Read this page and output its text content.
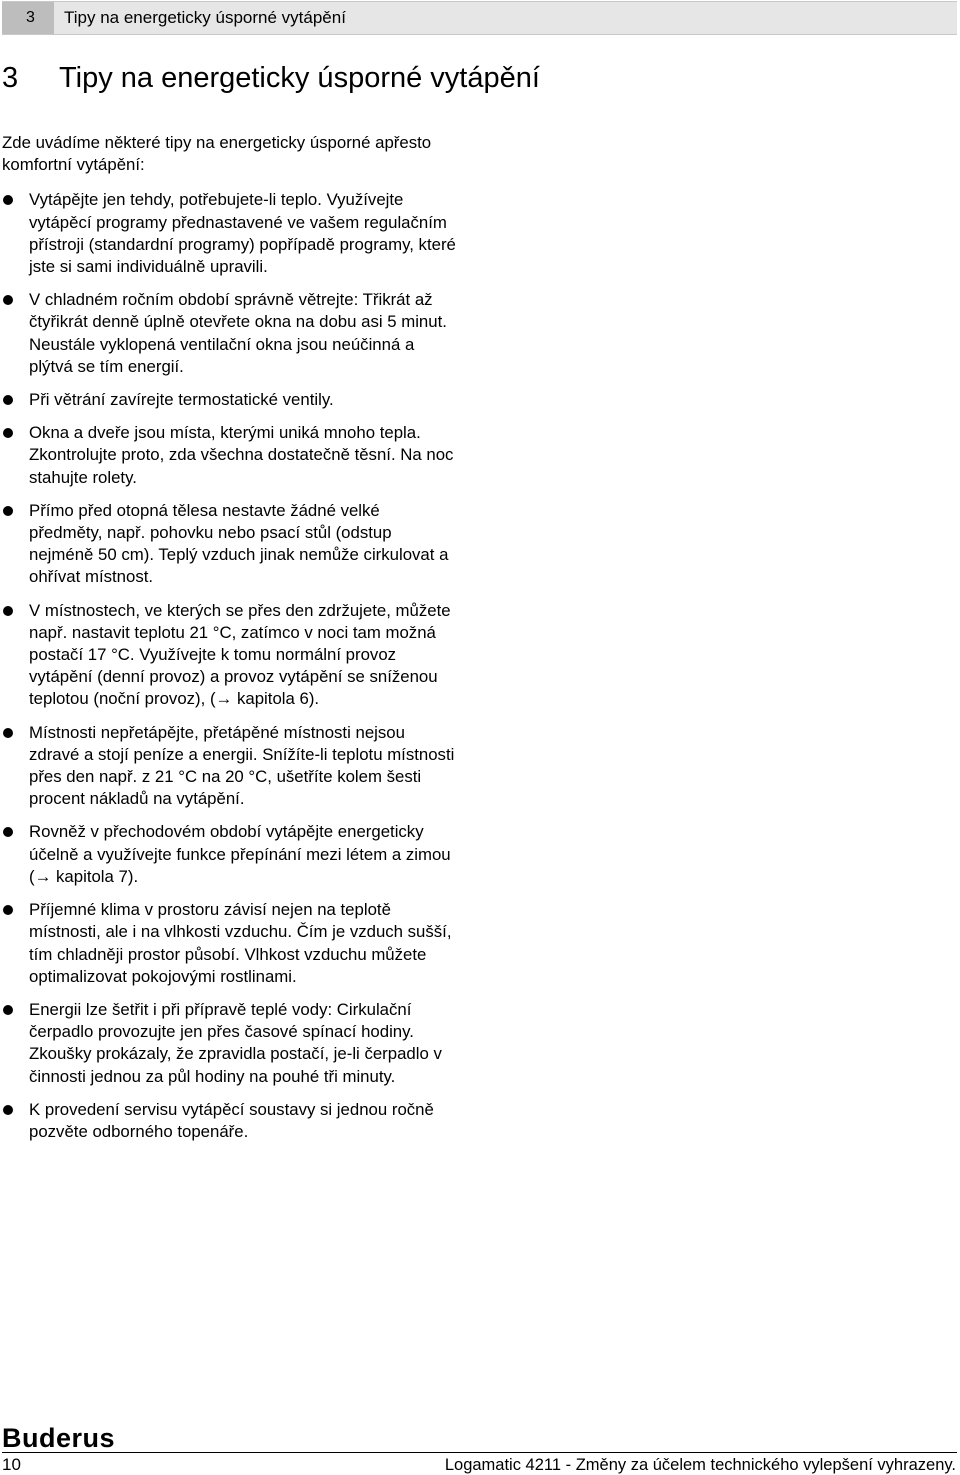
3	Tipy na energeticky úsporné vytápění
3 Tipy na energeticky úsporné vytápění

Zde uvádíme některé tipy na energeticky úsporné apřesto komfortní vytápění:

Vytápějte jen tehdy, potřebujete-li teplo. Využívejte vytápěcí programy přednastavené ve vašem regulačním přístroji (standardní programy) popřípadě programy, které jste si sami individuálně upravili.
V chladném ročním období správně větrejte: Třikrát až čtyřikrát denně úplně otevřete okna na dobu asi 5 minut. Neustále vyklopená ventilační okna jsou neúčinná a plýtvá se tím energií.
Při větrání zavírejte termostatické ventily.
Okna a dveře jsou místa, kterými uniká mnoho tepla. Zkontrolujte proto, zda všechna dostatečně těsní. Na noc stahujte rolety.
Přímo před otopná tělesa nestavte žádné velké předměty, např. pohovku nebo psací stůl (odstup nejméně 50 cm). Teplý vzduch jinak nemůže cirkulovat a ohřívat místnost.
V místnostech, ve kterých se přes den zdržujete, můžete např. nastavit teplotu 21 °C, zatímco v noci tam možná postačí 17 °C. Využívejte k tomu normální provoz vytápění (denní provoz) a provoz vytápění se sníženou teplotou (noční provoz), (→ kapitola 6).
Místnosti nepřetápějte, přetápěné místnosti nejsou zdravé a stojí peníze a energii. Snížíte-li teplotu místnosti přes den např. z 21 °C na 20 °C, ušetříte kolem šesti procent nákladů na vytápění.
Rovněž v přechodovém období vytápějte energeticky účelně a využívejte funkce přepínání mezi létem a zimou (→ kapitola 7).
Příjemné klima v prostoru závisí nejen na teplotě místnosti, ale i na vlhkosti vzduchu. Čím je vzduch sušší, tím chladněji prostor působí. Vlhkost vzduchu můžete optimalizovat pokojovými rostlinami.
Energii lze šetřit i při přípravě teplé vody: Cirkulační čerpadlo provozujte jen přes časové spínací hodiny. Zkoušky prokázaly, že zpravidla postačí, je-li čerpadlo v činnosti jednou za půl hodiny na pouhé tři minuty.
K provedení servisu vytápěcí soustavy si jednou ročně pozvěte odborného topenáře.
Buderus
10	Logamatic 4211 - Změny za účelem technického vylepšení vyhrazeny.
